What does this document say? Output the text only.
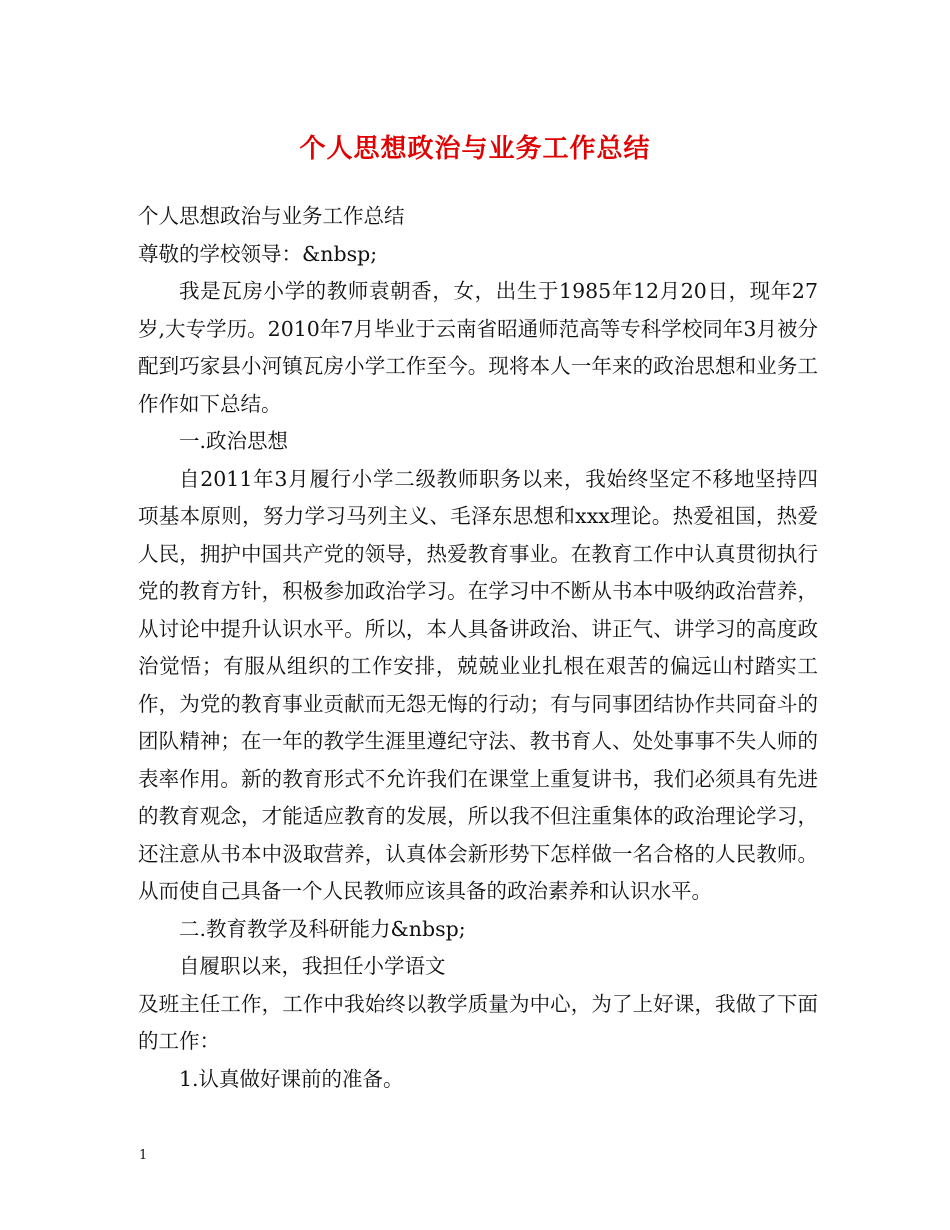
个人思想政治与业务工作总结

个人思想政治与业务工作总结

尊敬的学校领导：&nbsp;

我是瓦房小学的教师袁朝香，女，出生于1985年12月20日，现年27岁,大专学历。2010年7月毕业于云南省昭通师范高等专科学校同年3月被分配到巧家县小河镇瓦房小学工作至今。现将本人一年来的政治思想和业务工作作如下总结。

一.政治思想

自2011年3月履行小学二级教师职务以来，我始终坚定不移地坚持四项基本原则，努力学习马列主义、毛泽东思想和xxx理论。热爱祖国，热爱人民，拥护中国共产党的领导，热爱教育事业。在教育工作中认真贯彻执行党的教育方针，积极参加政治学习。在学习中不断从书本中吸纳政治营养，从讨论中提升认识水平。所以，本人具备讲政治、讲正气、讲学习的高度政治觉悟；有服从组织的工作安排，兢兢业业扎根在艰苦的偏远山村踏实工作，为党的教育事业贡献而无怨无悔的行动；有与同事团结协作共同奋斗的团队精神；在一年的教学生涯里遵纪守法、教书育人、处处事事不失人师的表率作用。新的教育形式不允许我们在课堂上重复讲书，我们必须具有先进的教育观念，才能适应教育的发展，所以我不但注重集体的政治理论学习，还注意从书本中汲取营养，认真体会新形势下怎样做一名合格的人民教师。从而使自己具备一个人民教师应该具备的政治素养和认识水平。

二.教育教学及科研能力&nbsp;

自履职以来，我担任小学语文

及班主任工作，工作中我始终以教学质量为中心，为了上好课，我做了下面的工作：

1.认真做好课前的准备。

1
